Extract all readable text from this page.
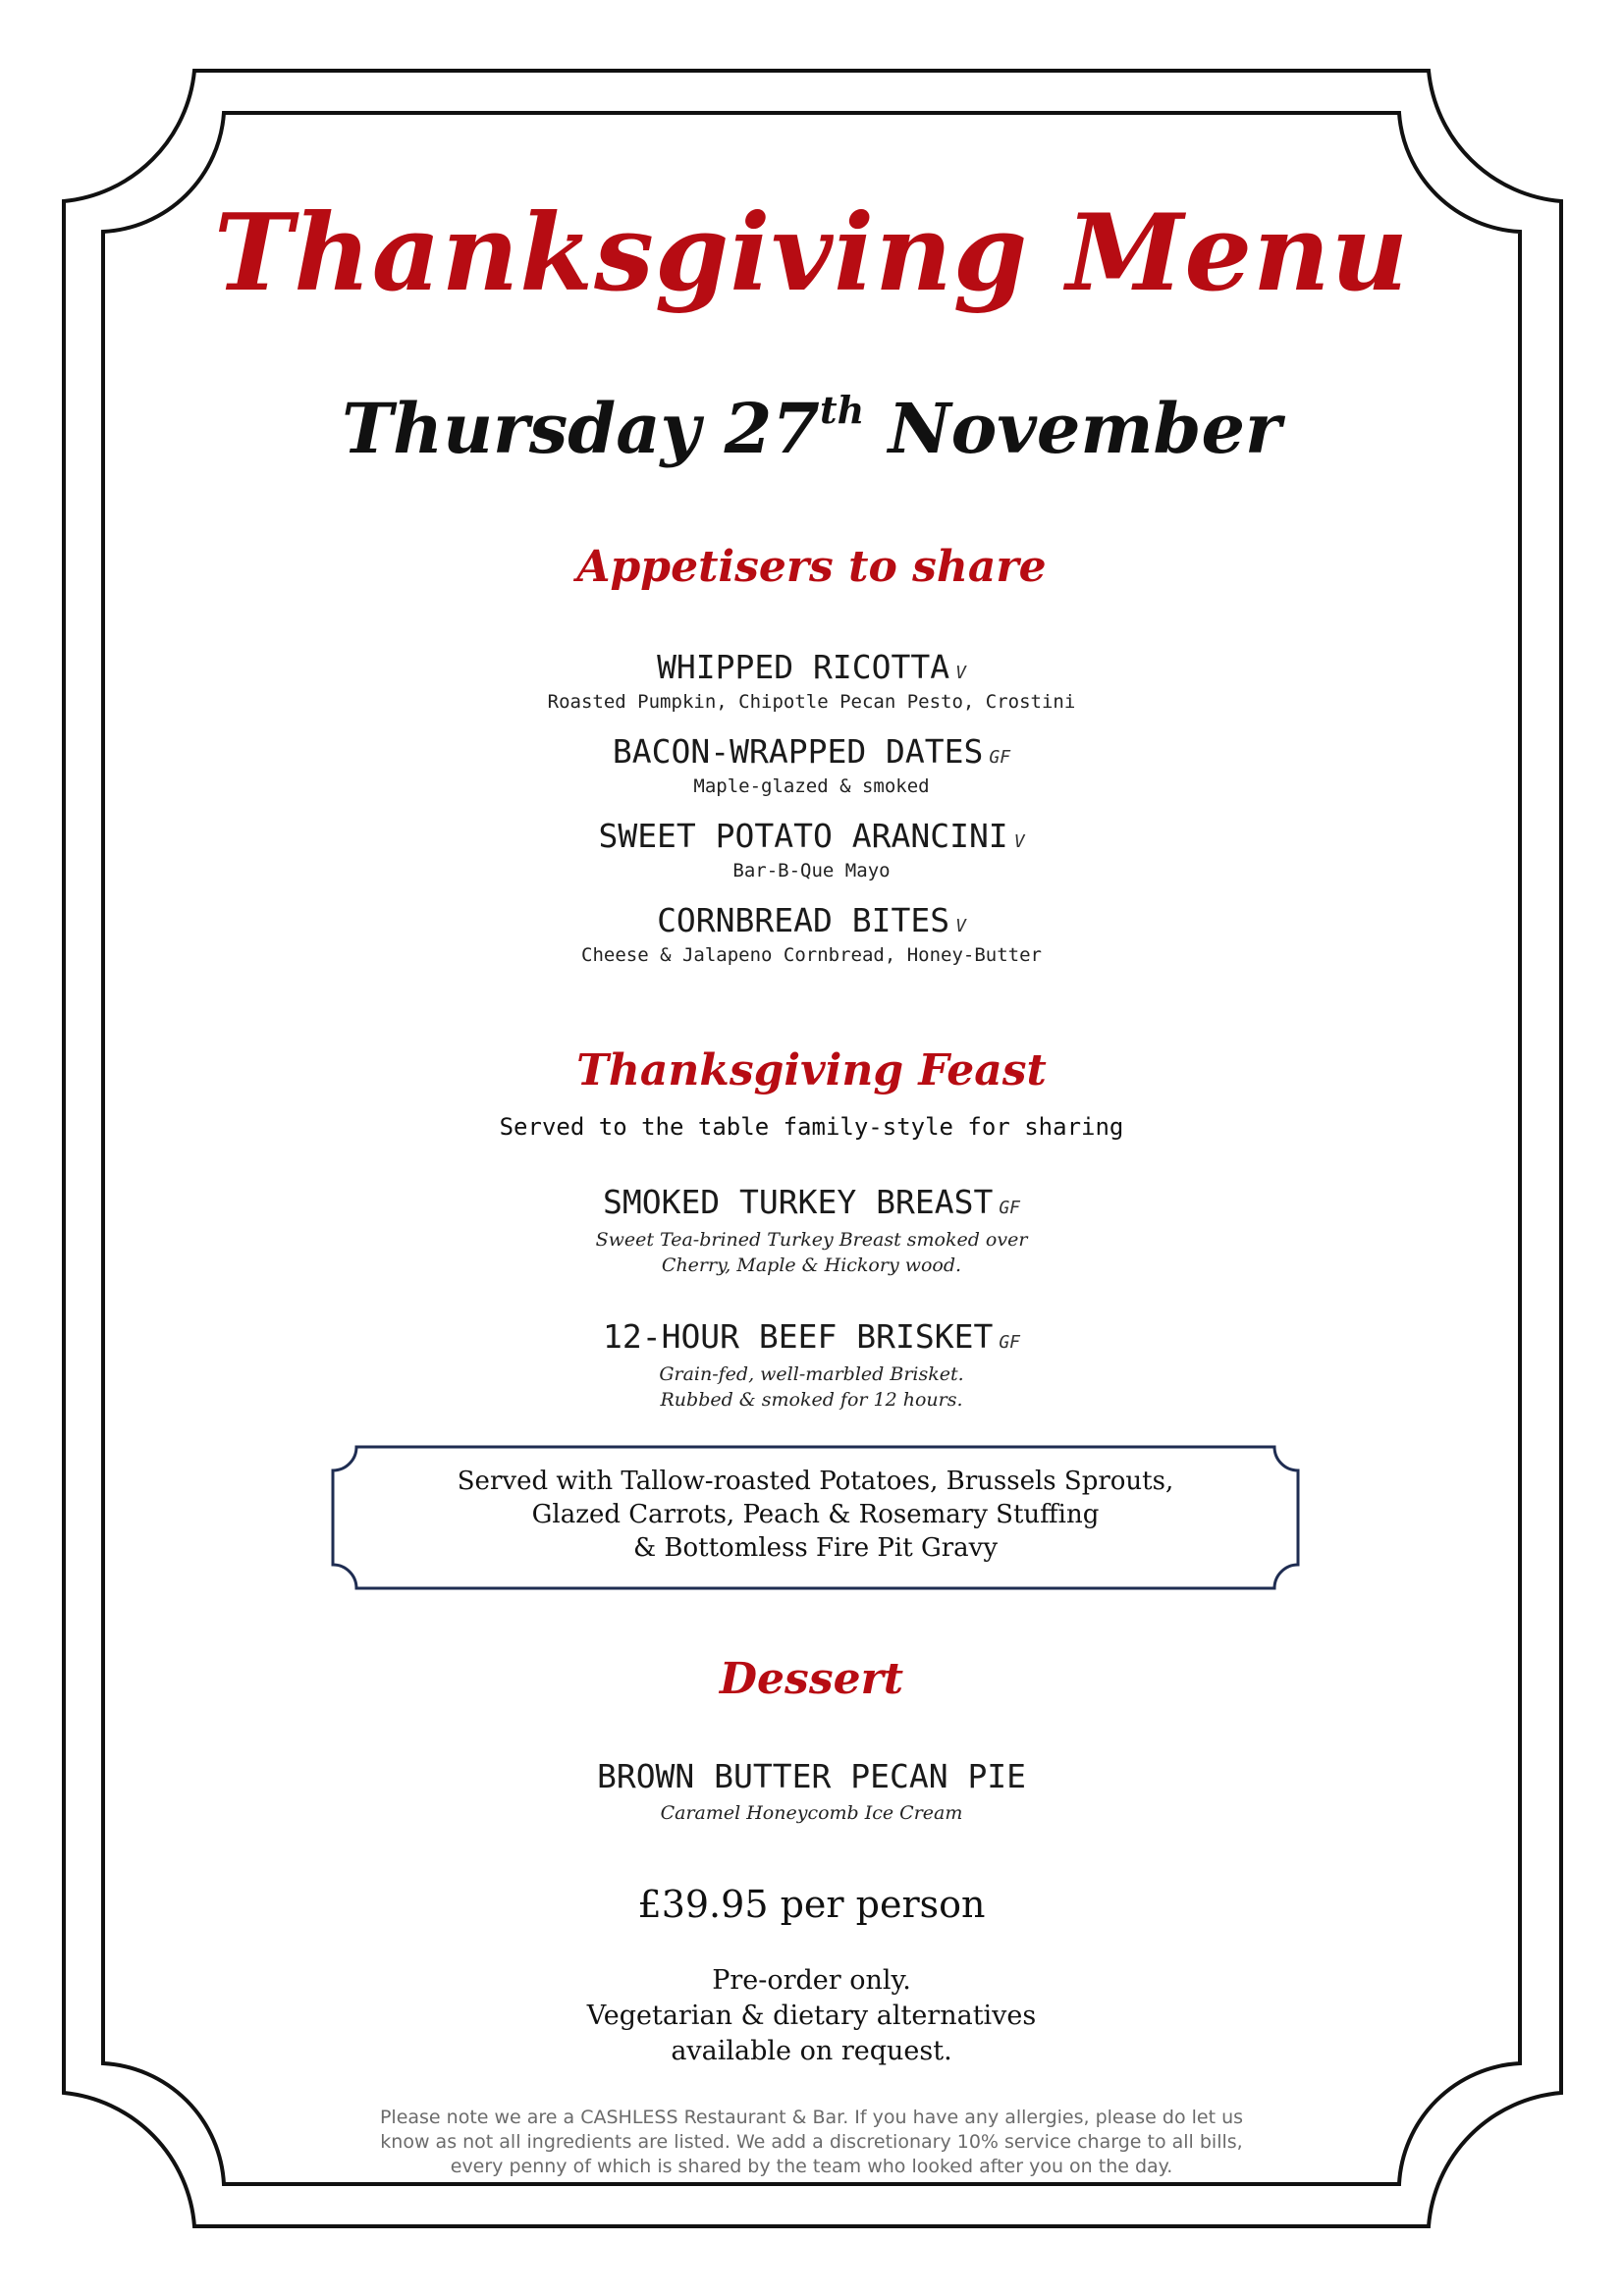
Thanksgiving Menu
Thursday 27th November
Appetisers to share
WHIPPED RICOTTA V
Roasted Pumpkin, Chipotle Pecan Pesto, Crostini
BACON-WRAPPED DATES GF
Maple-glazed & smoked
SWEET POTATO ARANCINI V
Bar-B-Que Mayo
CORNBREAD BITES V
Cheese & Jalapeno Cornbread, Honey-Butter
Thanksgiving Feast
Served to the table family-style for sharing
SMOKED TURKEY BREAST GF
Sweet Tea-brined Turkey Breast smoked over
Cherry, Maple & Hickory wood.
12-HOUR BEEF BRISKET GF
Grain-fed, well-marbled Brisket.
Rubbed & smoked for 12 hours.
Served with Tallow-roasted Potatoes, Brussels Sprouts,
Glazed Carrots, Peach & Rosemary Stuffing
& Bottomless Fire Pit Gravy
Dessert
BROWN BUTTER PECAN PIE
Caramel Honeycomb Ice Cream
£39.95 per person
Pre-order only.
Vegetarian & dietary alternatives
available on request.
Please note we are a CASHLESS Restaurant & Bar. If you have any allergies, please do let us
know as not all ingredients are listed. We add a discretionary 10% service charge to all bills,
every penny of which is shared by the team who looked after you on the day.
